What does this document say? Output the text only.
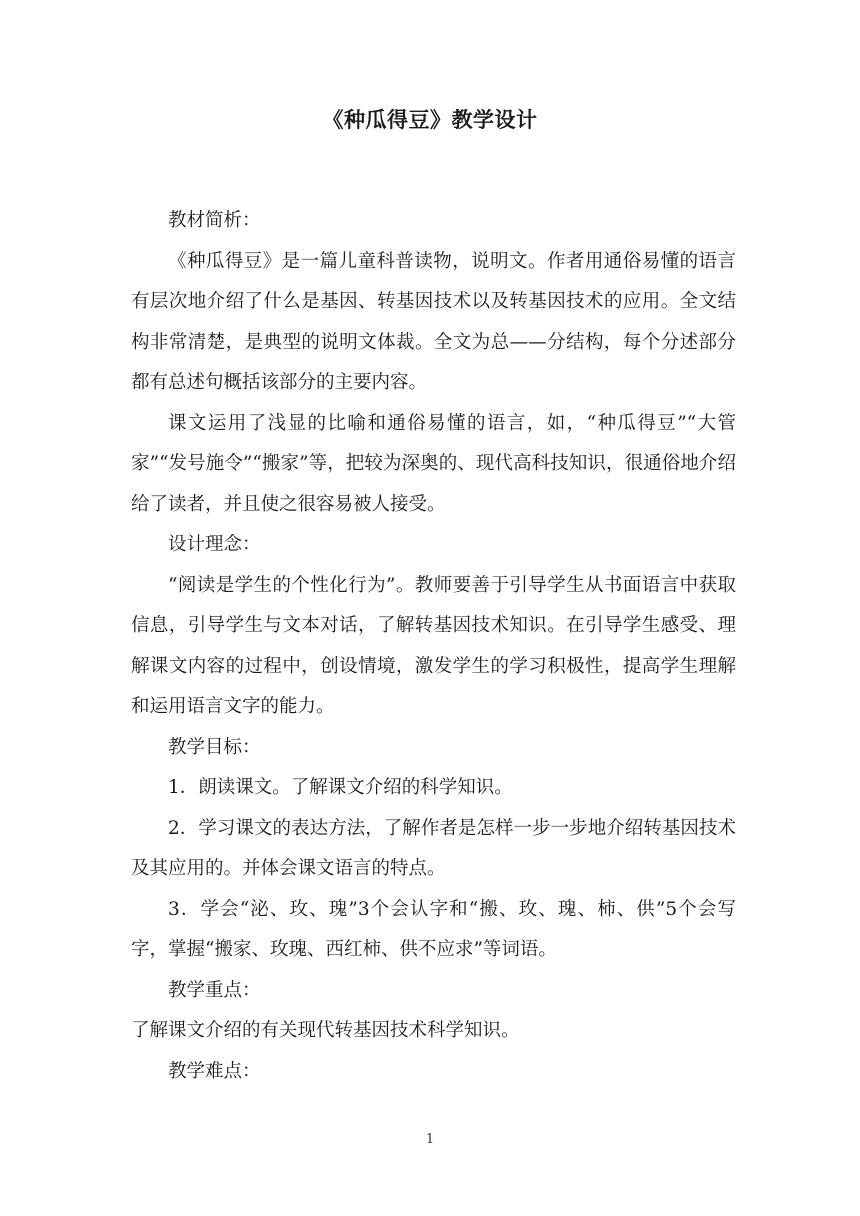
《种瓜得豆》教学设计

教材简析：

《种瓜得豆》是一篇儿童科普读物，说明文。作者用通俗易懂的语言有层次地介绍了什么是基因、转基因技术以及转基因技术的应用。全文结构非常清楚，是典型的说明文体裁。全文为总——分结构，每个分述部分都有总述句概括该部分的主要内容。

课文运用了浅显的比喻和通俗易懂的语言，如，“种瓜得豆”“大管家”“发号施令”“搬家”等，把较为深奥的、现代高科技知识，很通俗地介绍给了读者，并且使之很容易被人接受。

设计理念：

“阅读是学生的个性化行为”。教师要善于引导学生从书面语言中获取信息，引导学生与文本对话，了解转基因技术知识。在引导学生感受、理解课文内容的过程中，创设情境，激发学生的学习积极性，提高学生理解和运用语言文字的能力。

教学目标：

1．朗读课文。了解课文介绍的科学知识。

2．学习课文的表达方法，了解作者是怎样一步一步地介绍转基因技术及其应用的。并体会课文语言的特点。

3．学会“泌、玫、瑰”3个会认字和“搬、玫、瑰、柿、供”5个会写字，掌握“搬家、玫瑰、西红柿、供不应求”等词语。

教学重点：

了解课文介绍的有关现代转基因技术科学知识。

教学难点：

1
